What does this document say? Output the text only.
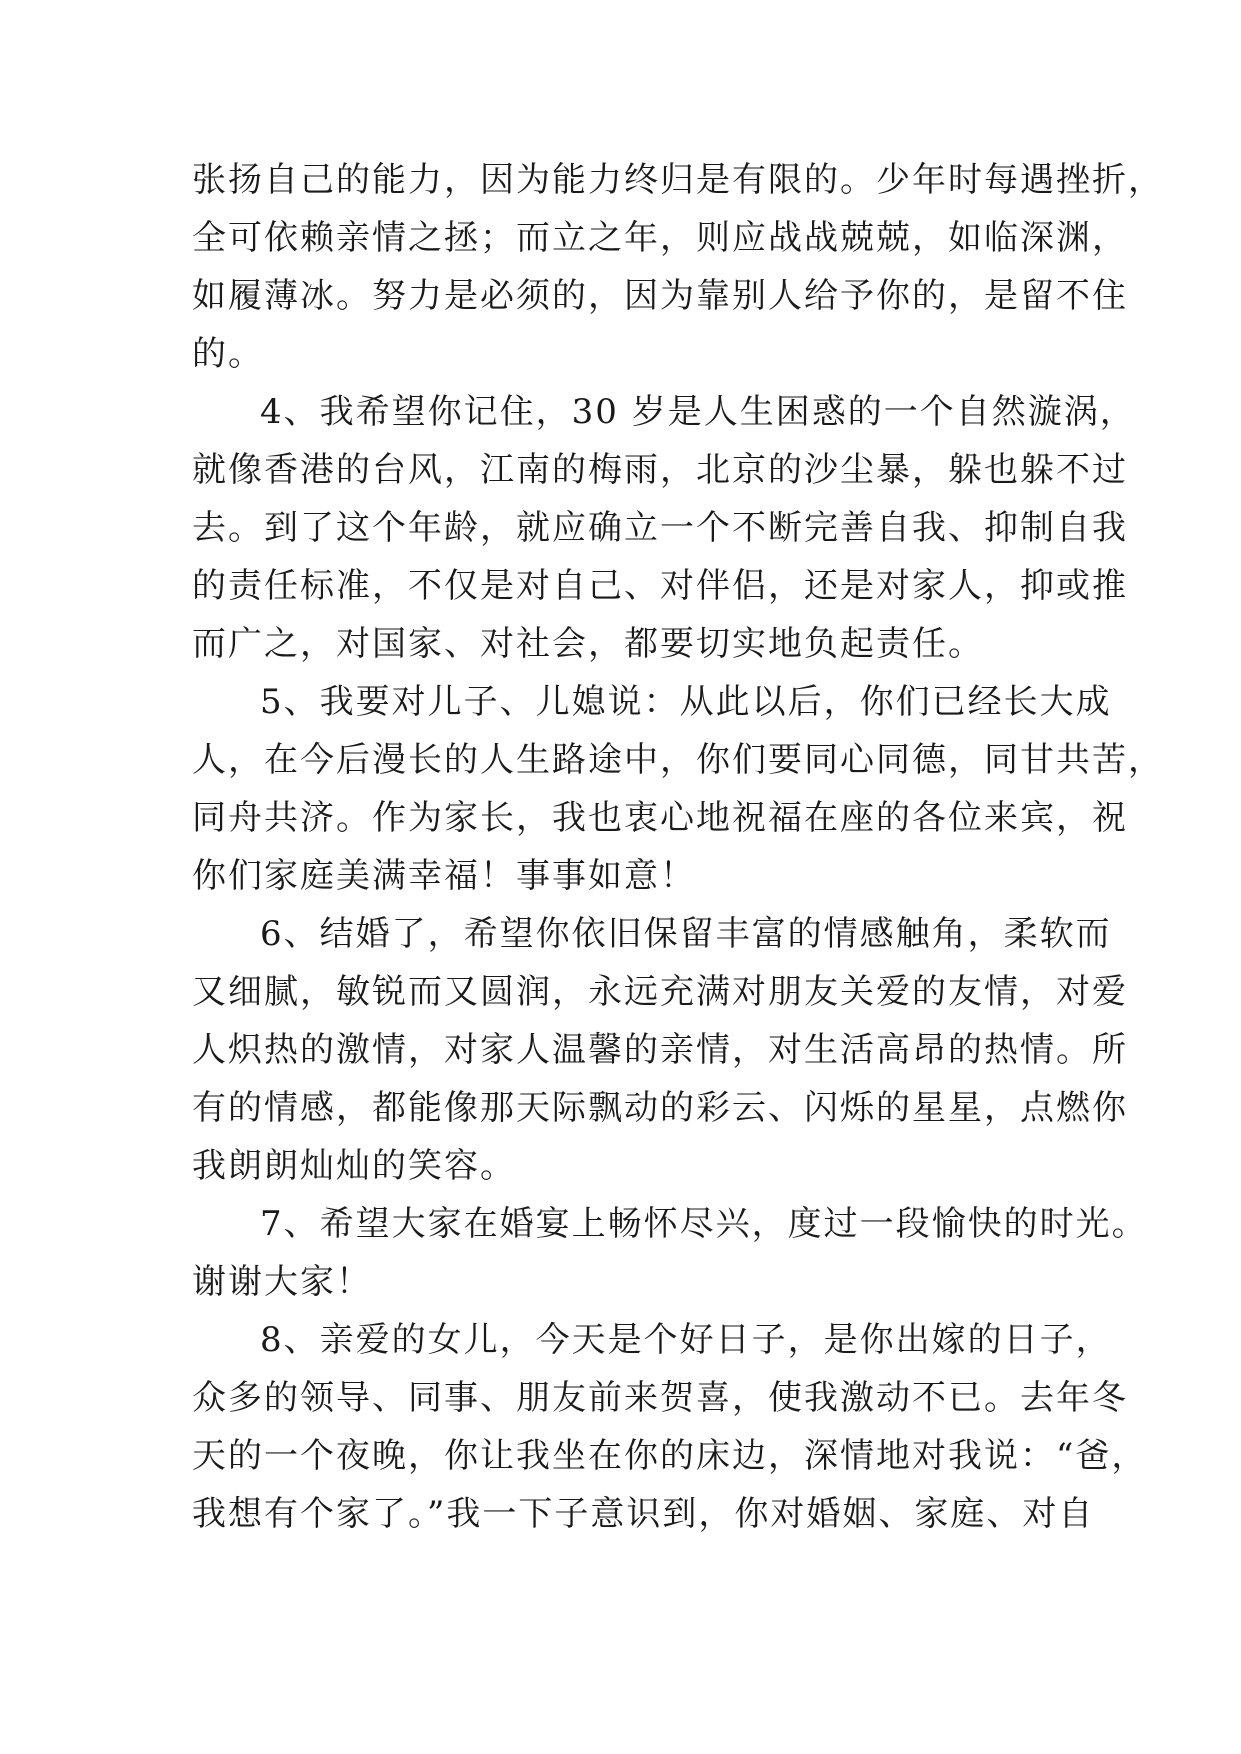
张扬自己的能力，因为能力终归是有限的。少年时每遇挫折，
全可依赖亲情之拯；而立之年，则应战战兢兢，如临深渊，
如履薄冰。努力是必须的，因为靠别人给予你的，是留不住
的。
4、我希望你记住，30 岁是人生困惑的一个自然漩涡，
就像香港的台风，江南的梅雨，北京的沙尘暴，躲也躲不过
去。到了这个年龄，就应确立一个不断完善自我、抑制自我
的责任标准，不仅是对自己、对伴侣，还是对家人，抑或推
而广之，对国家、对社会，都要切实地负起责任。
5、我要对儿子、儿媳说：从此以后，你们已经长大成
人，在今后漫长的人生路途中，你们要同心同德，同甘共苦，
同舟共济。作为家长，我也衷心地祝福在座的各位来宾，祝
你们家庭美满幸福！事事如意！
6、结婚了，希望你依旧保留丰富的情感触角，柔软而
又细腻，敏锐而又圆润，永远充满对朋友关爱的友情，对爱
人炽热的激情，对家人温馨的亲情，对生活高昂的热情。所
有的情感，都能像那天际飘动的彩云、闪烁的星星，点燃你
我朗朗灿灿的笑容。
7、希望大家在婚宴上畅怀尽兴，度过一段愉快的时光。
谢谢大家！
8、亲爱的女儿，今天是个好日子，是你出嫁的日子，
众多的领导、同事、朋友前来贺喜，使我激动不已。去年冬
天的一个夜晚，你让我坐在你的床边，深情地对我说：“爸，
我想有个家了。”我一下子意识到，你对婚姻、家庭、对自
